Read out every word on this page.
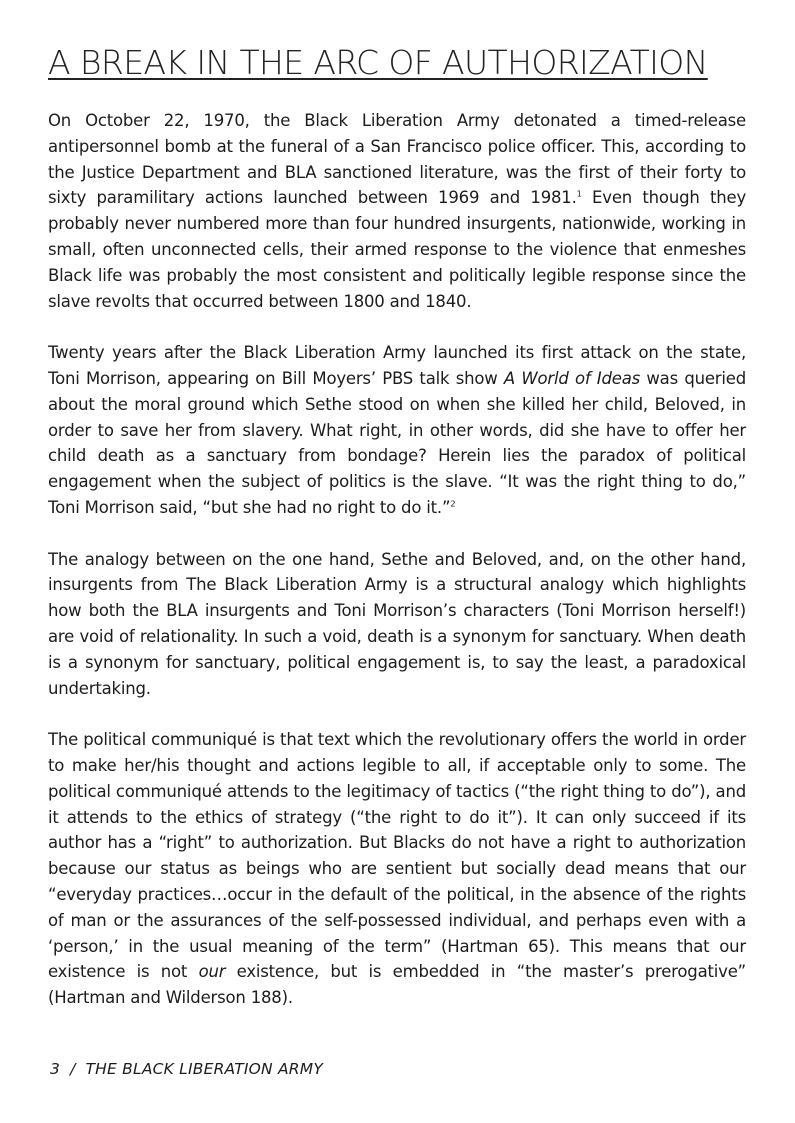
A BREAK IN THE ARC OF AUTHORIZATION

On October 22, 1970, the Black Liberation Army detonated a timed-release antipersonnel bomb at the funeral of a San Francisco police officer. This, according to the Justice Department and BLA sanctioned literature, was the first of their forty to sixty paramilitary actions launched between 1969 and 1981.$^1$ Even though they probably never numbered more than four hundred insurgents, nationwide, working in small, often unconnected cells, their armed response to the violence that enmeshes Black life was probably the most consistent and politically legible response since the slave revolts that occurred between 1800 and 1840.

Twenty years after the Black Liberation Army launched its first attack on the state, Toni Morrison, appearing on Bill Moyers’ PBS talk show A World of Ideas was queried about the moral ground which Sethe stood on when she killed her child, Beloved, in order to save her from slavery. What right, in other words, did she have to offer her child death as a sanctuary from bondage? Herein lies the paradox of political engagement when the subject of politics is the slave. “It was the right thing to do,” Toni Morrison said, “but she had no right to do it.”$^2$

The analogy between on the one hand, Sethe and Beloved, and, on the other hand, insurgents from The Black Liberation Army is a structural analogy which highlights how both the BLA insurgents and Toni Morrison’s characters (Toni Morrison herself!) are void of relationality. In such a void, death is a synonym for sanctuary. When death is a synonym for sanctuary, political engagement is, to say the least, a paradoxical undertaking.

The political communiqué is that text which the revolutionary offers the world in order to make her/his thought and actions legible to all, if acceptable only to some. The political communiqué attends to the legitimacy of tactics (“the right thing to do”), and it attends to the ethics of strategy (“the right to do it”). It can only succeed if its author has a “right” to authorization. But Blacks do not have a right to authorization because our status as beings who are sentient but socially dead means that our “everyday practices…occur in the default of the political, in the absence of the rights of man or the assurances of the self-possessed individual, and perhaps even with a ‘person,’ in the usual meaning of the term” (Hartman 65). This means that our existence is not our existence, but is embedded in “the master’s prerogative” (Hartman and Wilderson 188).

3 / THE BLACK LIBERATION ARMY
